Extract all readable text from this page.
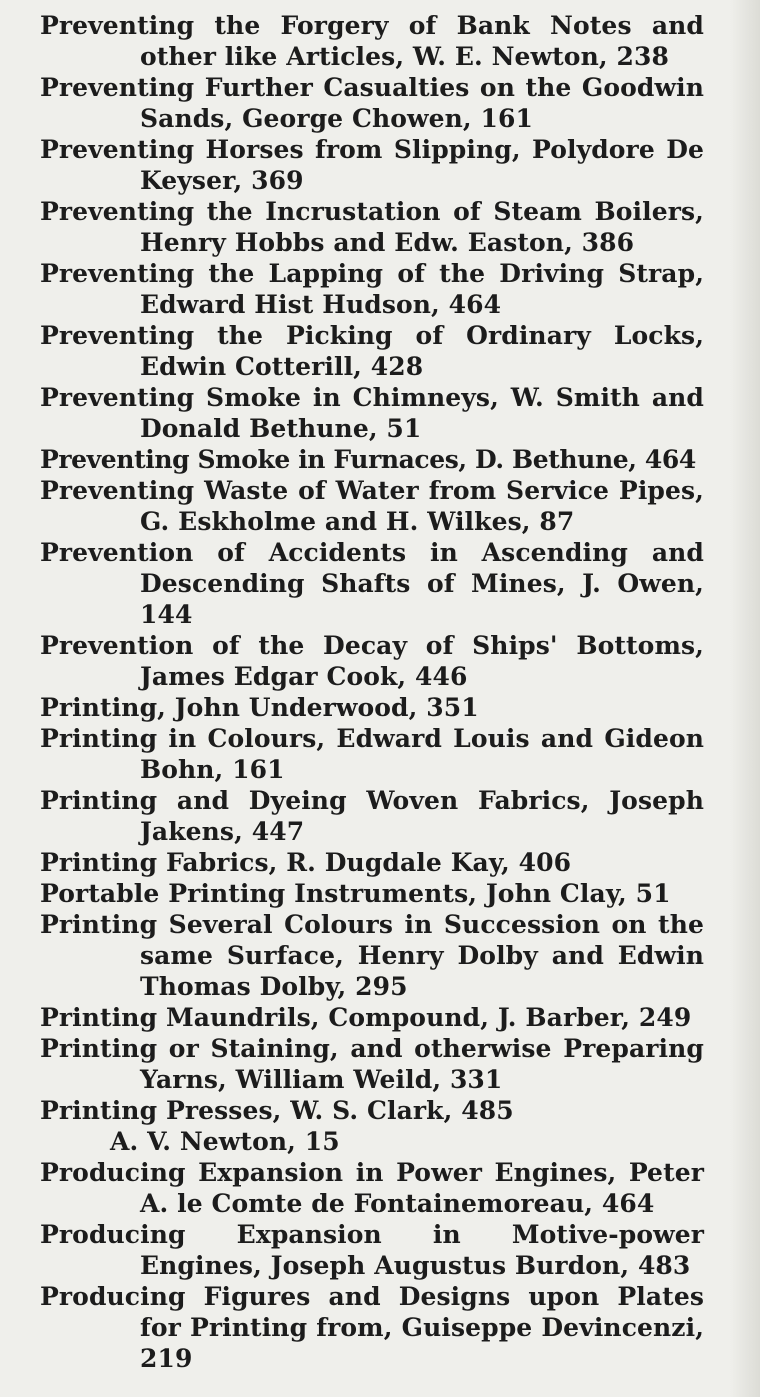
Preventing the Forgery of Bank Notes and other like Articles, W. E. Newton, 238
Preventing Further Casualties on the Goodwin Sands, George Chowen, 161
Preventing Horses from Slipping, Polydore De Keyser, 369
Preventing the Incrustation of Steam Boilers, Henry Hobbs and Edw. Easton, 386
Preventing the Lapping of the Driving Strap, Edward Hist Hudson, 464
Preventing the Picking of Ordinary Locks, Edwin Cotterill, 428
Preventing Smoke in Chimneys, W. Smith and Donald Bethune, 51
Preventing Smoke in Furnaces, D. Bethune, 464
Preventing Waste of Water from Service Pipes, G. Eskholme and H. Wilkes, 87
Prevention of Accidents in Ascending and Descending Shafts of Mines, J. Owen, 144
Prevention of the Decay of Ships' Bottoms, James Edgar Cook, 446
Printing, John Underwood, 351
Printing in Colours, Edward Louis and Gideon Bohn, 161
Printing and Dyeing Woven Fabrics, Joseph Jakens, 447
Printing Fabrics, R. Dugdale Kay, 406
Portable Printing Instruments, John Clay, 51
Printing Several Colours in Succession on the same Surface, Henry Dolby and Edwin Thomas Dolby, 295
Printing Maundrils, Compound, J. Barber, 249
Printing or Staining, and otherwise Preparing Yarns, William Weild, 331
Printing Presses, W. S. Clark, 485
A. V. Newton, 15
Producing Expansion in Power Engines, Peter A. le Comte de Fontainemoreau, 464
Producing Expansion in Motive-power Engines, Joseph Augustus Burdon, 483
Producing Figures and Designs upon Plates for Printing from, Guiseppe Devincenzi, 219
